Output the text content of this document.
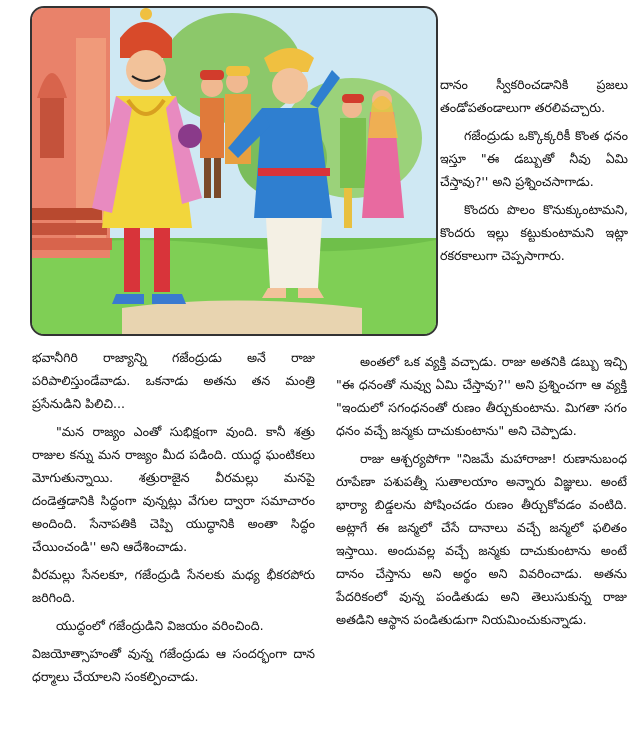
దానం స్వీకరించడానికి ప్రజలు తండోపతండాలుగా తరలివచ్చారు.

గజేంద్రుడు ఒక్కొక్కరికీ కొంత ధనం ఇస్తూ "ఈ డబ్బుతో నీవు ఏమి చేస్తావు?'' అని ప్రశ్నించసాగాడు.

కొందరు పొలం కొనుక్కుంటామని, కొందరు ఇల్లు కట్టుకుంటామని ఇట్లా రకరకాలుగా చెప్పసాగారు.

భవానీగిరి రాజ్యాన్ని గజేంద్రుడు అనే రాజు పరిపాలిస్తుండేవాడు. ఒకనాడు అతను తన మంత్రి ప్రసేనుడిని పిలిచి...

"మన రాజ్యం ఎంతో సుభిక్షంగా వుంది. కానీ శత్రు రాజుల కన్ను మన రాజ్యం మీద పడింది. యుద్ధ ఘంటికలు మోగుతున్నాయి. శత్రురాజైన వీరమల్లు మనపై దండెత్తడానికి సిద్ధంగా వున్నట్లు వేగుల ద్వారా సమాచారం అందింది. సేనాపతికి చెప్పి యుద్ధానికి అంతా సిద్ధం చేయించండి'' అని ఆదేశించాడు.

వీరమల్లు సేనలకూ, గజేంద్రుడి సేనలకు మధ్య భీకరపోరు జరిగింది.

యుద్ధంలో గజేంద్రుడిని విజయం వరించింది.

విజయోత్సాహంతో వున్న గజేంద్రుడు ఆ సందర్భంగా దాన ధర్మాలు చేయాలని సంకల్పించాడు.

అంతలో ఒక వ్యక్తి వచ్చాడు. రాజు అతనికి డబ్బు ఇచ్చి "ఈ ధనంతో నువ్వు ఏమి చేస్తావు?'' అని ప్రశ్నించగా ఆ వ్యక్తి "ఇందులో సగంధనంతో రుణం తీర్చుకుంటాను. మిగతా సగం ధనం వచ్చే జన్మకు దాచుకుంటాను" అని చెప్పాడు.

రాజు ఆశ్చర్యపోగా "నిజమే మహారాజా! రుణానుబంధ రూపేణా పశుపత్నీ సుతాలయాం అన్నారు విజ్ఞులు. అంటే భార్యా బిడ్డలను పోషించడం రుణం తీర్చుకోవడం వంటిది. అట్లాగే ఈ జన్మలో చేసే దానాలు వచ్చే జన్మలో ఫలితం ఇస్తాయి. అందువల్ల వచ్చే జన్మకు దాచుకుంటాను అంటే దానం చేస్తాను అని అర్థం అని వివరించాడు. అతను పేదరికంలో వున్న పండితుడు అని తెలుసుకున్న రాజు అతడిని ఆస్థాన పండితుడుగా నియమించుకున్నాడు.
